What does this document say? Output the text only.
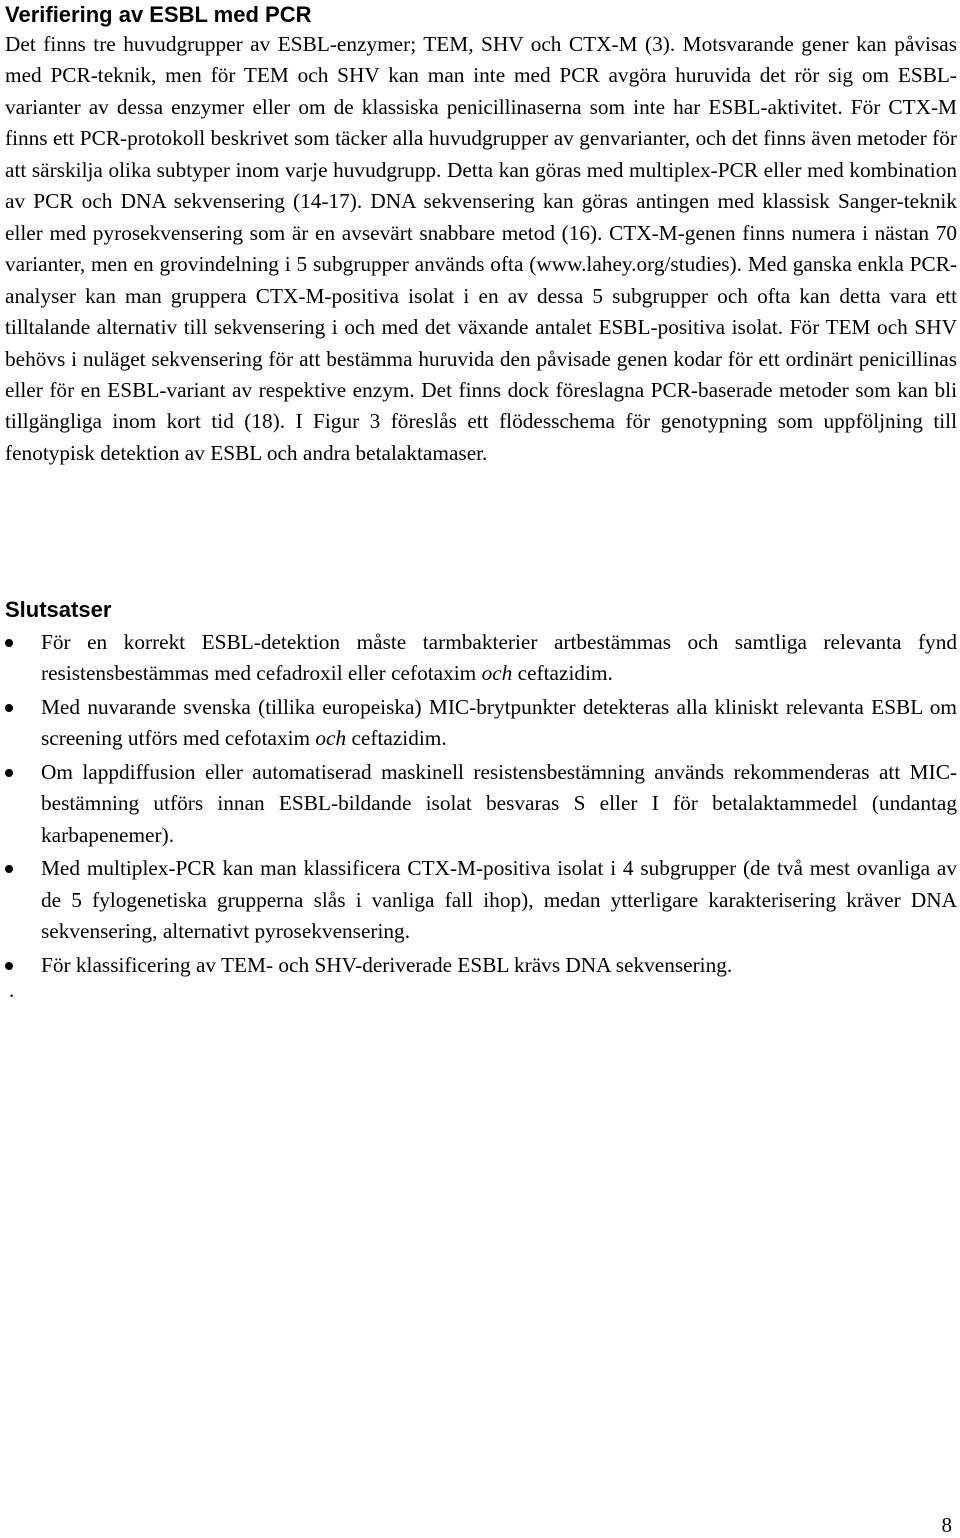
Verifiering av ESBL med PCR

Det finns tre huvudgrupper av ESBL-enzymer; TEM, SHV och CTX-M (3). Motsvarande gener kan påvisas med PCR-teknik, men för TEM och SHV kan man inte med PCR avgöra huruvida det rör sig om ESBL-varianter av dessa enzymer eller om de klassiska penicillinaserna som inte har ESBL-aktivitet. För CTX-M finns ett PCR-protokoll beskrivet som täcker alla huvudgrupper av genvarianter, och det finns även metoder för att särskilja olika subtyper inom varje huvudgrupp. Detta kan göras med multiplex-PCR eller med kombination av PCR och DNA sekvensering (14-17). DNA sekvensering kan göras antingen med klassisk Sanger-teknik eller med pyrosekvensering som är en avsevärt snabbare metod (16). CTX-M-genen finns numera i nästan 70 varianter, men en grovindelning i 5 subgrupper används ofta (www.lahey.org/studies). Med ganska enkla PCR-analyser kan man gruppera CTX-M-positiva isolat i en av dessa 5 subgrupper och ofta kan detta vara ett tilltalande alternativ till sekvensering i och med det växande antalet ESBL-positiva isolat. För TEM och SHV behövs i nuläget sekvensering för att bestämma huruvida den påvisade genen kodar för ett ordinärt penicillinas eller för en ESBL-variant av respektive enzym. Det finns dock föreslagna PCR-baserade metoder som kan bli tillgängliga inom kort tid (18). I Figur 3 föreslås ett flödesschema för genotypning som uppföljning till fenotypisk detektion av ESBL och andra betalaktamaser.

Slutsatser
För en korrekt ESBL-detektion måste tarmbakterier artbestämmas och samtliga relevanta fynd resistensbestämmas med cefadroxil eller cefotaxim och ceftazidim.
Med nuvarande svenska (tillika europeiska) MIC-brytpunkter detekteras alla kliniskt relevanta ESBL om screening utförs med cefotaxim och ceftazidim.
Om lappdiffusion eller automatiserad maskinell resistensbestämning används rekommenderas att MIC-bestämning utförs innan ESBL-bildande isolat besvaras S eller I för betalaktammedel (undantag karbapenemer).
Med multiplex-PCR kan man klassificera CTX-M-positiva isolat i 4 subgrupper (de två mest ovanliga av de 5 fylogenetiska grupperna slås i vanliga fall ihop), medan ytterligare karakterisering kräver DNA sekvensering, alternativt pyrosekvensering.
För klassificering av TEM- och SHV-deriverade ESBL krävs DNA sekvensering.
.
8
